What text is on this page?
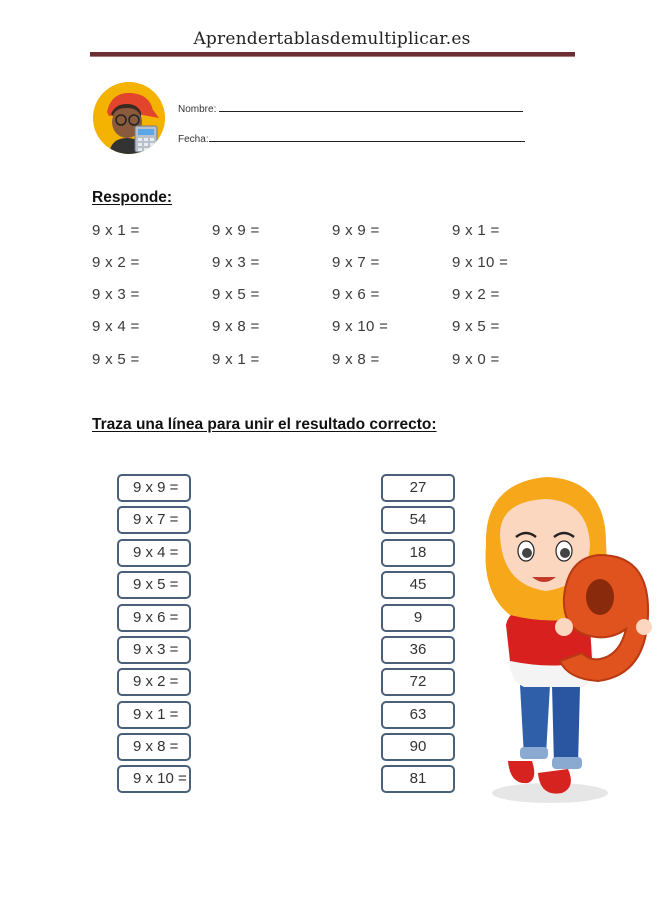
Aprendertablasdemultiplicar.es
Nombre:
Fecha:
Responde:
9 x 1 =
9 x 2 =
9 x 3 =
9 x 4 =
9 x 5 =
9 x 9 =
9 x 3 =
9 x 5 =
9 x 8 =
9 x 1 =
9 x 9 =
9 x 7 =
9 x 6 =
9 x 10 =
9 x 8 =
9 x 1 =
9 x 10 =
9 x 2 =
9 x 5 =
9 x 0 =
Traza una línea para unir el resultado correcto:
9 x 9 =
9 x 7 =
9 x 4 =
9 x 5 =
9 x 6 =
9 x 3 =
9 x 2 =
9 x 1 =
9 x 8 =
9 x 10 =
27
54
18
45
9
36
72
63
90
81
